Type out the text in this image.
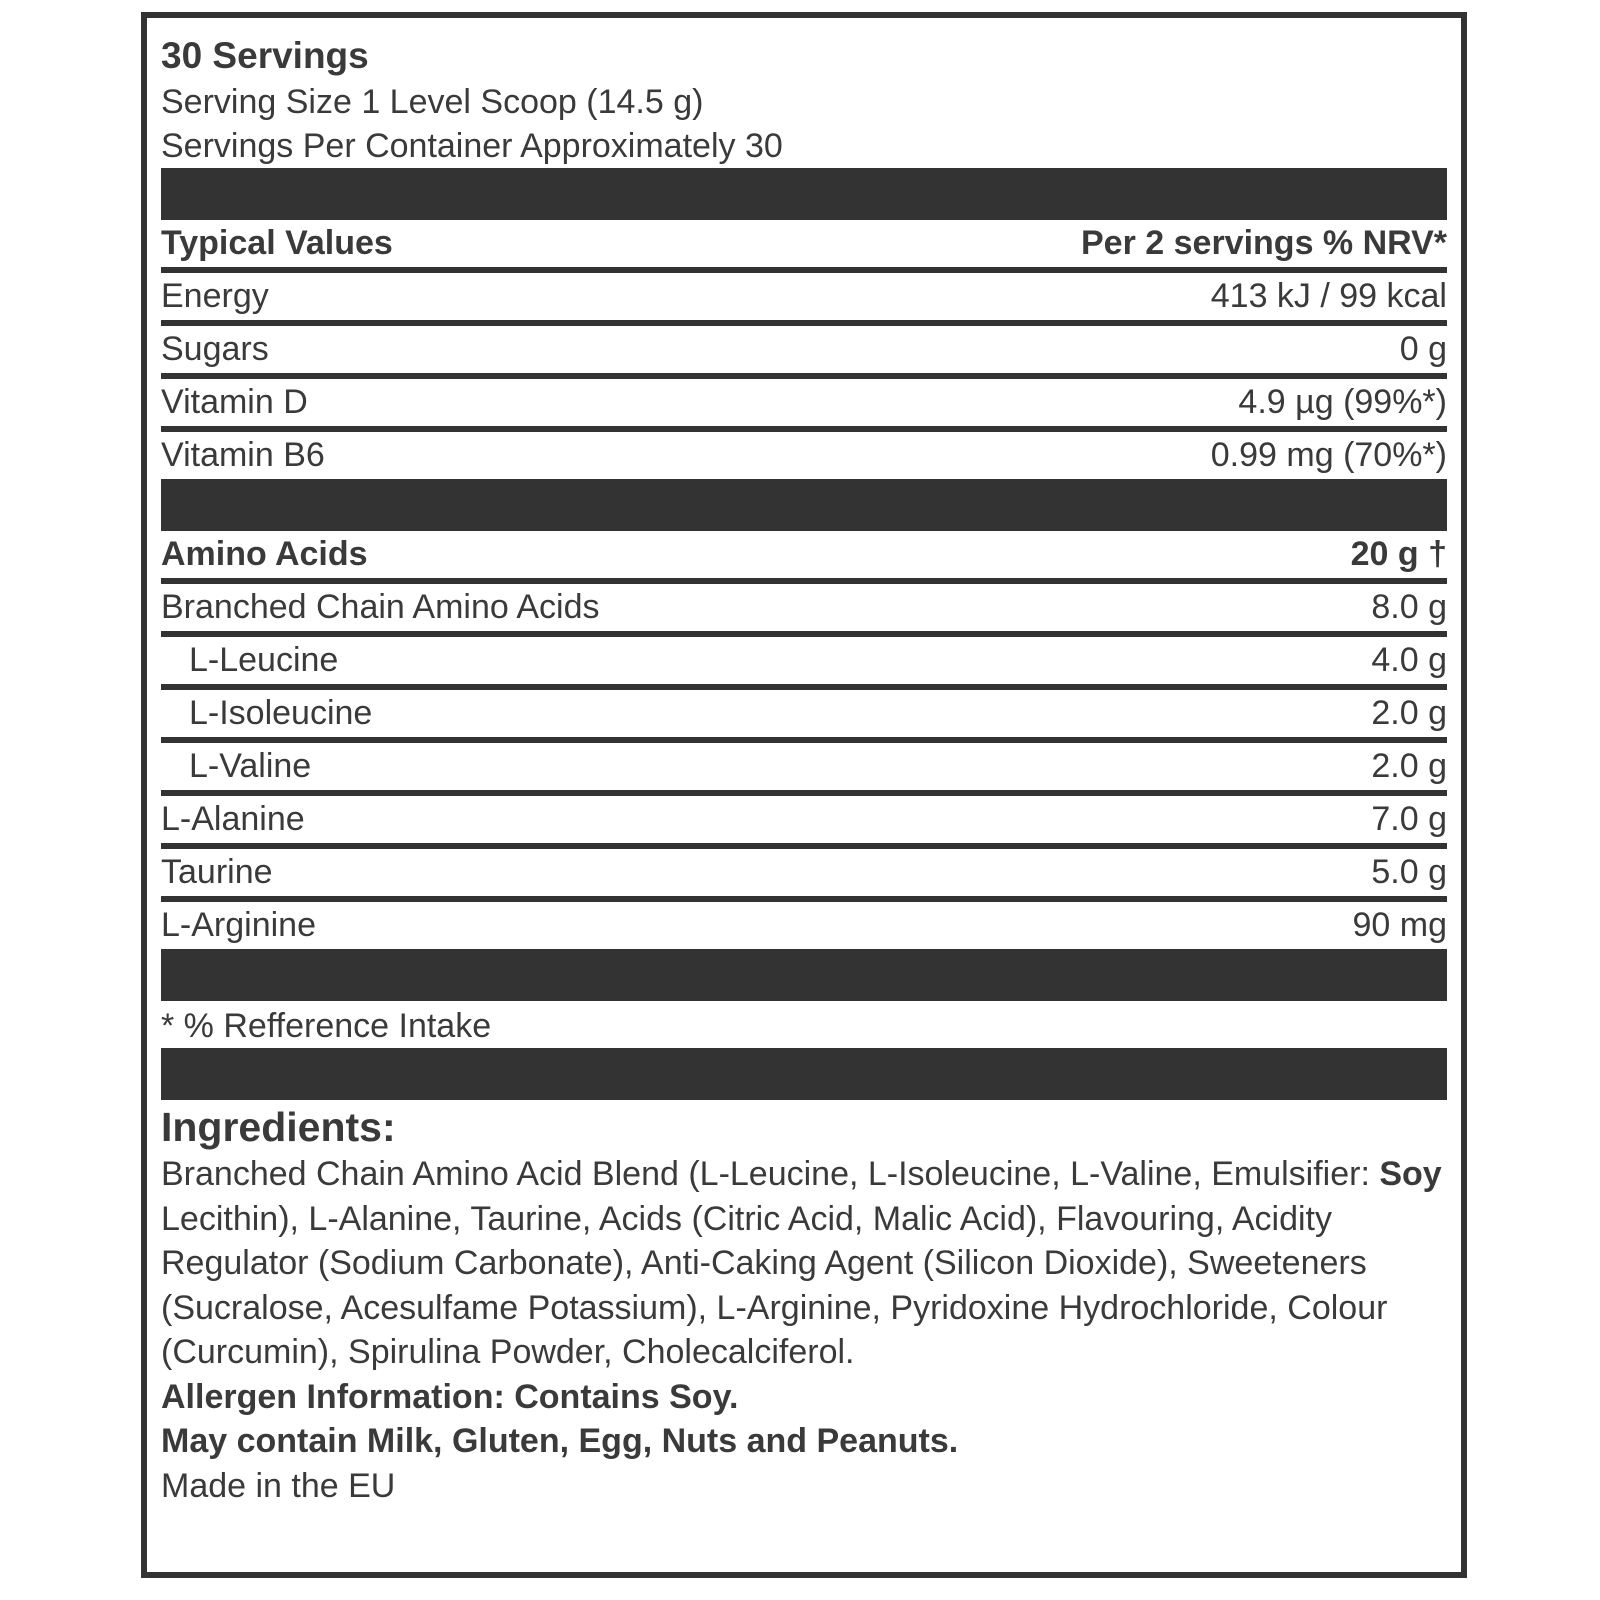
30 Servings
Serving Size 1 Level Scoop (14.5 g)
Servings Per Container Approximately 30
Typical Values	Per 2 servings % NRV*
Energy	413 kJ / 99 kcal
Sugars	0 g
Vitamin D	4.9 µg (99%*)
Vitamin B6	0.99 mg (70%*)
Amino Acids	20 g †
Branched Chain Amino Acids	8.0 g
L-Leucine	4.0 g
L-Isoleucine	2.0 g
L-Valine	2.0 g
L-Alanine	7.0 g
Taurine	5.0 g
L-Arginine	90 mg
* % Refference Intake
Ingredients:
Branched Chain Amino Acid Blend (L-Leucine, L-Isoleucine, L-Valine, Emulsifier: Soy Lecithin), L-Alanine, Taurine, Acids (Citric Acid, Malic Acid), Flavouring, Acidity Regulator (Sodium Carbonate), Anti-Caking Agent (Silicon Dioxide), Sweeteners (Sucralose, Acesulfame Potassium), L-Arginine, Pyridoxine Hydrochloride, Colour (Curcumin), Spirulina Powder, Cholecalciferol.
Allergen Information: Contains Soy.
May contain Milk, Gluten, Egg, Nuts and Peanuts.
Made in the EU
